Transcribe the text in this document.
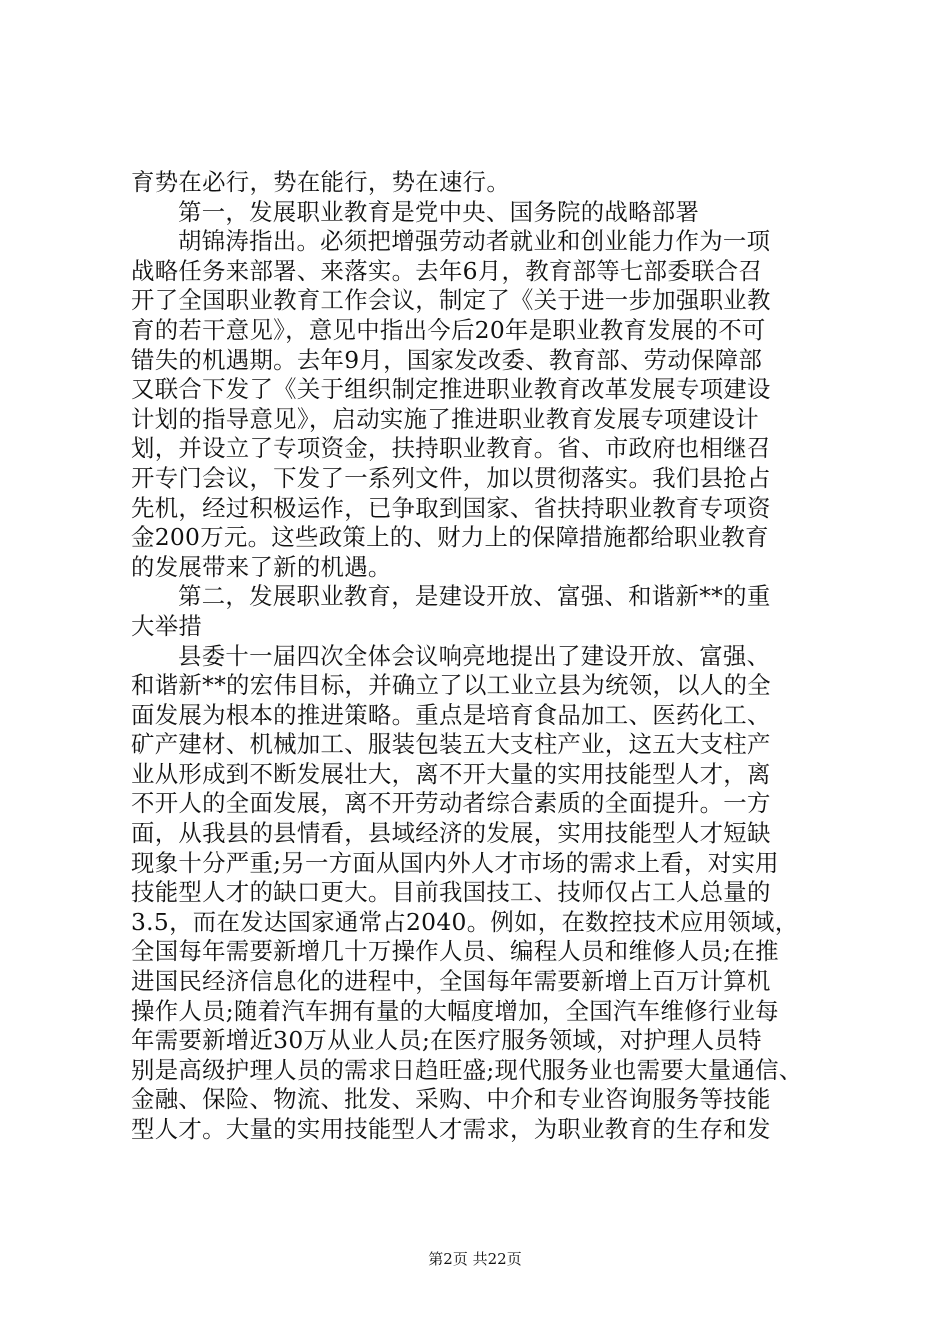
育势在必行，势在能行，势在速行。
第一，发展职业教育是党中央、国务院的战略部署
胡锦涛指出。必须把增强劳动者就业和创业能力作为一项
战略任务来部署、来落实。去年6月，教育部等七部委联合召
开了全国职业教育工作会议，制定了《关于进一步加强职业教
育的若干意见》，意见中指出今后20年是职业教育发展的不可
错失的机遇期。去年9月，国家发改委、教育部、劳动保障部
又联合下发了《关于组织制定推进职业教育改革发展专项建设
计划的指导意见》，启动实施了推进职业教育发展专项建设计
划，并设立了专项资金，扶持职业教育。省、市政府也相继召
开专门会议，下发了一系列文件，加以贯彻落实。我们县抢占
先机，经过积极运作，已争取到国家、省扶持职业教育专项资
金200万元。这些政策上的、财力上的保障措施都给职业教育
的发展带来了新的机遇。
第二，发展职业教育，是建设开放、富强、和谐新**的重
大举措
县委十一届四次全体会议响亮地提出了建设开放、富强、
和谐新**的宏伟目标，并确立了以工业立县为统领，以人的全
面发展为根本的推进策略。重点是培育食品加工、医药化工、
矿产建材、机械加工、服装包装五大支柱产业，这五大支柱产
业从形成到不断发展壮大，离不开大量的实用技能型人才，离
不开人的全面发展，离不开劳动者综合素质的全面提升。一方
面，从我县的县情看，县域经济的发展，实用技能型人才短缺
现象十分严重;另一方面从国内外人才市场的需求上看，对实用
技能型人才的缺口更大。目前我国技工、技师仅占工人总量的
3.5，而在发达国家通常占2040。例如，在数控技术应用领域，
全国每年需要新增几十万操作人员、编程人员和维修人员;在推
进国民经济信息化的进程中，全国每年需要新增上百万计算机
操作人员;随着汽车拥有量的大幅度增加，全国汽车维修行业每
年需要新增近30万从业人员;在医疗服务领域，对护理人员特
别是高级护理人员的需求日趋旺盛;现代服务业也需要大量通信、
金融、保险、物流、批发、采购、中介和专业咨询服务等技能
型人才。大量的实用技能型人才需求，为职业教育的生存和发
第2页 共22页
